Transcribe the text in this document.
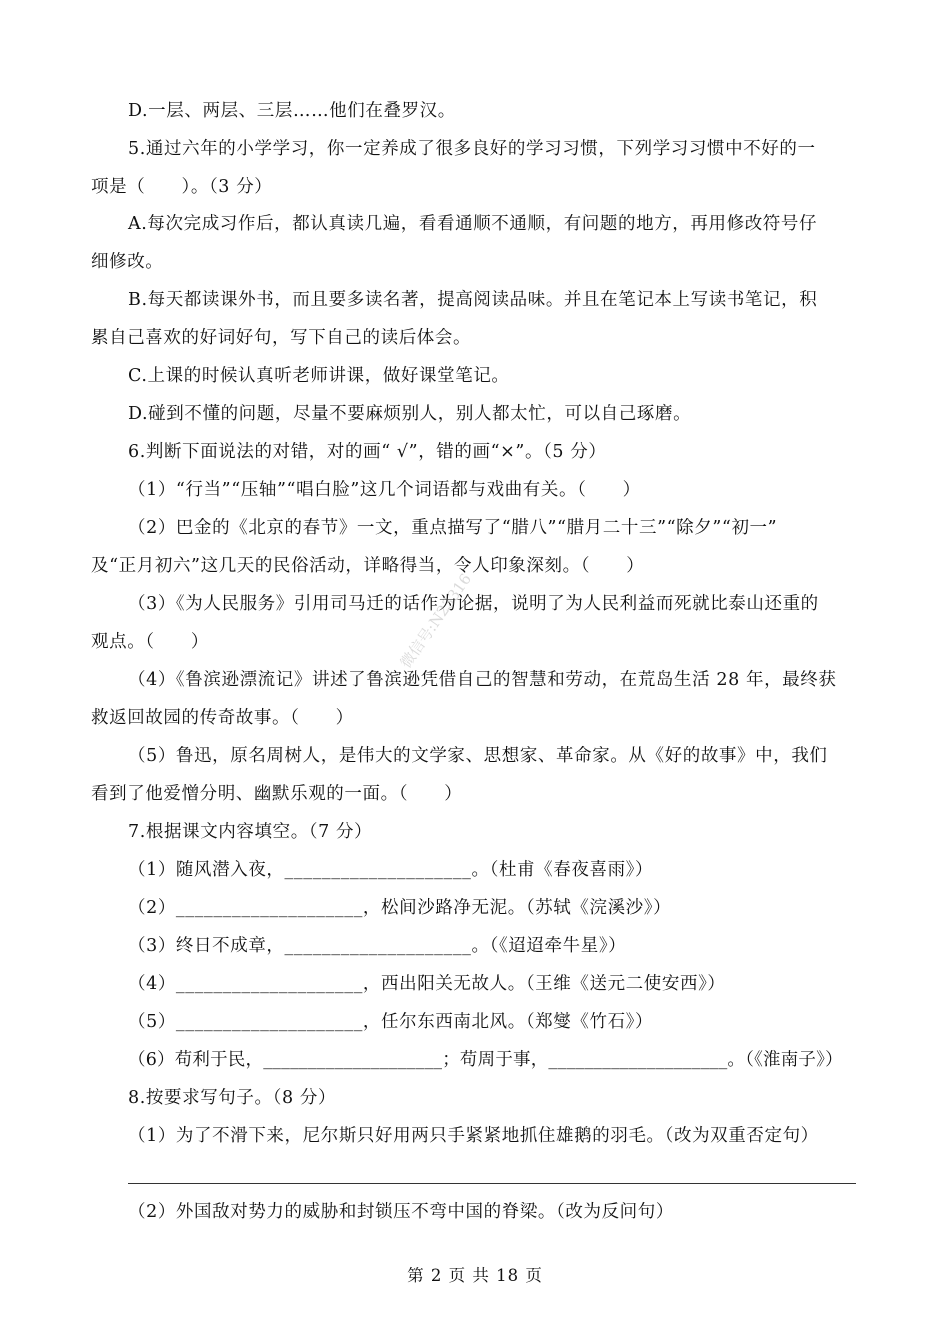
D.一层、两层、三层……他们在叠罗汉。
5.通过六年的小学学习，你一定养成了很多良好的学习习惯，下列学习习惯中不好的一
项是（　　）。（3 分）
A.每次完成习作后，都认真读几遍，看看通顺不通顺，有问题的地方，再用修改符号仔
细修改。
B.每天都读课外书，而且要多读名著，提高阅读品味。并且在笔记本上写读书笔记，积
累自己喜欢的好词好句，写下自己的读后体会。
C.上课的时候认真听老师讲课，做好课堂笔记。
D.碰到不懂的问题，尽量不要麻烦别人，别人都太忙，可以自己琢磨。
6.判断下面说法的对错，对的画“ √”，错的画“×”。（5 分）
（1）“行当”“压轴”“唱白脸”这几个词语都与戏曲有关。（　　）
（2）巴金的《北京的春节》一文，重点描写了“腊八”“腊月二十三”“除夕”“初一”
及“正月初六”这几天的民俗活动，详略得当，令人印象深刻。（　　）
（3）《为人民服务》引用司马迁的话作为论据，说明了为人民利益而死就比泰山还重的
观点。（　　）
（4）《鲁滨逊漂流记》讲述了鲁滨逊凭借自己的智慧和劳动，在荒岛生活 28 年，最终获
救返回故园的传奇故事。（　　）
（5）鲁迅，原名周树人，是伟大的文学家、思想家、革命家。从《好的故事》中，我们
看到了他爱憎分明、幽默乐观的一面。（　　）
7.根据课文内容填空。（7 分）
（1）随风潜入夜，____________________。（杜甫《春夜喜雨》）
（2）____________________，松间沙路净无泥。（苏轼《浣溪沙》）
（3）终日不成章，____________________。（《迢迢牵牛星》）
（4）____________________，西出阳关无故人。（王维《送元二使安西》）
（5）____________________，任尔东西南北风。（郑燮《竹石》）
（6）苟利于民，____________________；苟周于事，____________________。（《淮南子》）
8.按要求写句子。（8 分）
（1）为了不滑下来，尼尔斯只好用两只手紧紧地抓住雄鹅的羽毛。（改为双重否定句）
（2）外国敌对势力的威胁和封锁压不弯中国的脊梁。（改为反问句）
微信号:N23316
第 2 页 共 18 页
